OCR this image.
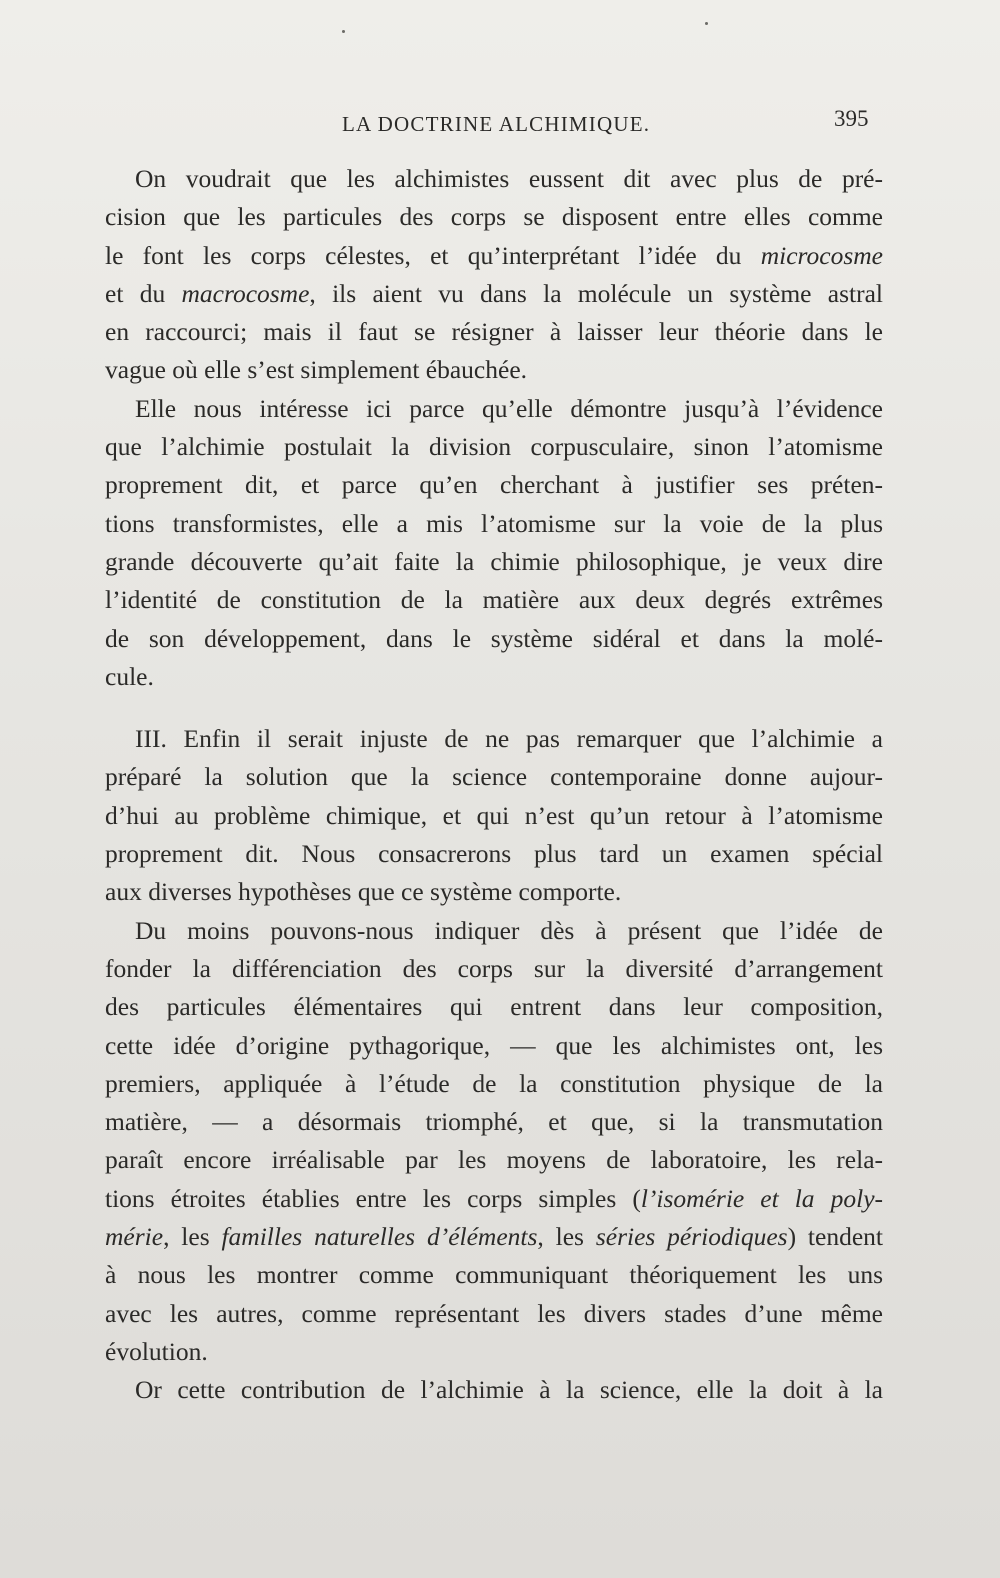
LA DOCTRINE ALCHIMIQUE.	395
On voudrait que les alchimistes eussent dit avec plus de pré-
cision que les particules des corps se disposent entre elles comme
le font les corps célestes, et qu’interprétant l’idée du microcosme
et du macrocosme, ils aient vu dans la molécule un système astral
en raccourci; mais il faut se résigner à laisser leur théorie dans le
vague où elle s’est simplement ébauchée.
Elle nous intéresse ici parce qu’elle démontre jusqu’à l’évidence
que l’alchimie postulait la division corpusculaire, sinon l’atomisme
proprement dit, et parce qu’en cherchant à justifier ses préten-
tions transformistes, elle a mis l’atomisme sur la voie de la plus
grande découverte qu’ait faite la chimie philosophique, je veux dire
l’identité de constitution de la matière aux deux degrés extrêmes
de son développement, dans le système sidéral et dans la molé-
cule.
III. Enfin il serait injuste de ne pas remarquer que l’alchimie a
préparé la solution que la science contemporaine donne aujour-
d’hui au problème chimique, et qui n’est qu’un retour à l’atomisme
proprement dit. Nous consacrerons plus tard un examen spécial
aux diverses hypothèses que ce système comporte.
Du moins pouvons-nous indiquer dès à présent que l’idée de
fonder la différenciation des corps sur la diversité d’arrangement
des particules élémentaires qui entrent dans leur composition,
cette idée d’origine pythagorique, — que les alchimistes ont, les
premiers, appliquée à l’étude de la constitution physique de la
matière, — a désormais triomphé, et que, si la transmutation
paraît encore irréalisable par les moyens de laboratoire, les rela-
tions étroites établies entre les corps simples (l’isomérie et la poly-
mérie, les familles naturelles d’éléments, les séries périodiques) tendent
à nous les montrer comme communiquant théoriquement les uns
avec les autres, comme représentant les divers stades d’une même
évolution.
Or cette contribution de l’alchimie à la science, elle la doit à la
